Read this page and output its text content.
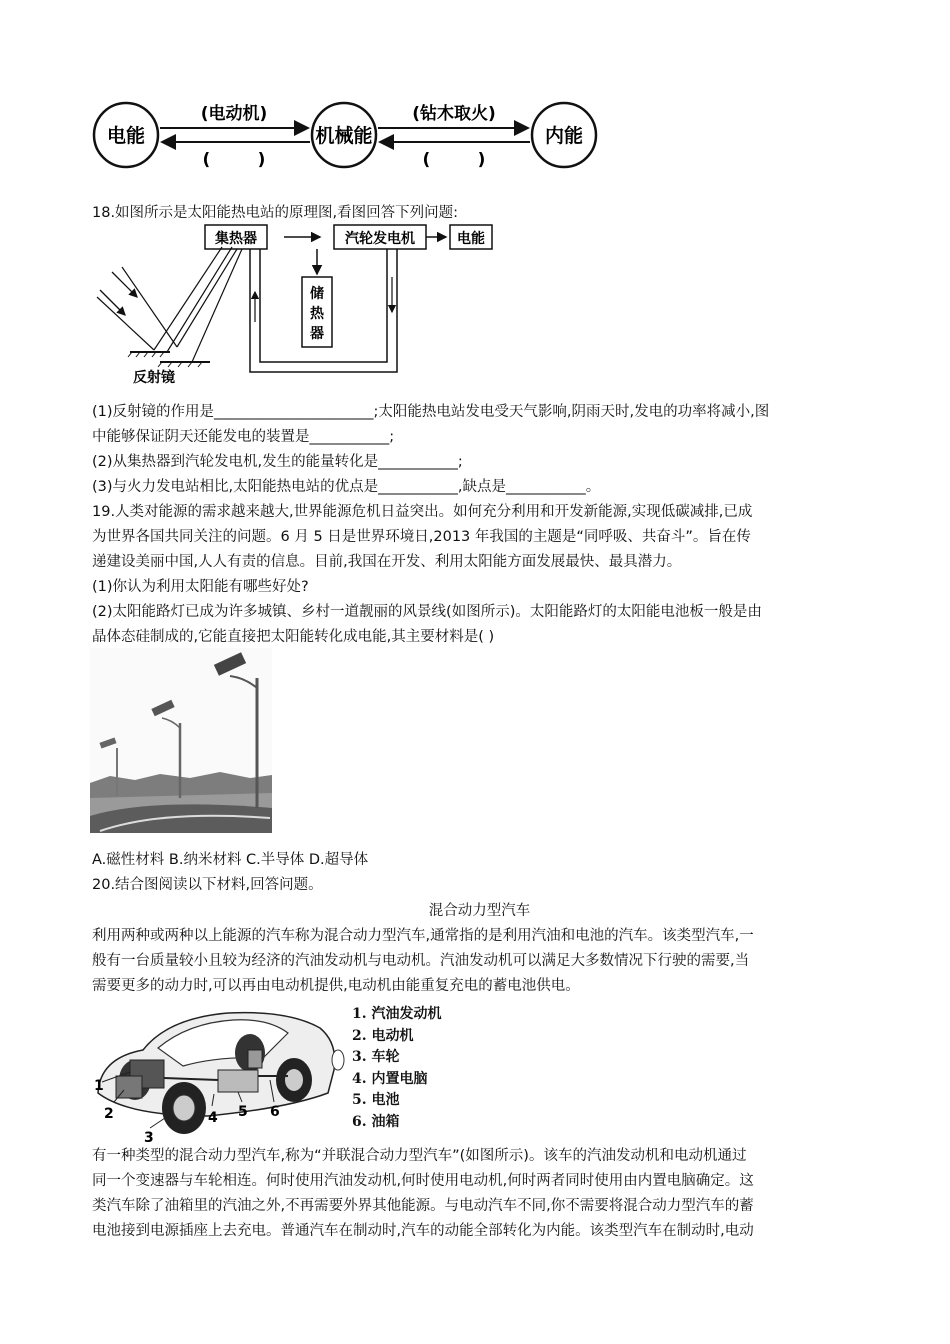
电能	机械能	内能
(电动机)	(钻木取火)
(        )	(        )
18.如图所示是太阳能热电站的原理图,看图回答下列问题:
集热器	汽轮发电机	电能
储
热
器
反射镜
(1)反射镜的作用是______________________;太阳能热电站发电受天气影响,阴雨天时,发电的功率将减小,图
中能够保证阴天还能发电的装置是___________;
(2)从集热器到汽轮发电机,发生的能量转化是___________;
(3)与火力发电站相比,太阳能热电站的优点是___________,缺点是___________。
19.人类对能源的需求越来越大,世界能源危机日益突出。如何充分利用和开发新能源,实现低碳减排,已成
为世界各国共同关注的问题。6 月 5 日是世界环境日,2013 年我国的主题是“同呼吸、共奋斗”。旨在传
递建设美丽中国,人人有责的信息。目前,我国在开发、利用太阳能方面发展最快、最具潜力。
(1)你认为利用太阳能有哪些好处?
(2)太阳能路灯已成为许多城镇、乡村一道靓丽的风景线(如图所示)。太阳能路灯的太阳能电池板一般是由
晶体态硅制成的,它能直接把太阳能转化成电能,其主要材料是( )
A.磁性材料 B.纳米材料 C.半导体 D.超导体
20.结合图阅读以下材料,回答问题。
混合动力型汽车
利用两种或两种以上能源的汽车称为混合动力型汽车,通常指的是利用汽油和电池的汽车。该类型汽车,一
般有一台质量较小且较为经济的汽油发动机与电动机。汽油发动机可以满足大多数情况下行驶的需要,当
需要更多的动力时,可以再由电动机提供,电动机由能重复充电的蓄电池供电。
1
2
3
4 5 6
1. 汽油发动机
2. 电动机
3. 车轮
4. 内置电脑
5. 电池
6. 油箱
有一种类型的混合动力型汽车,称为“并联混合动力型汽车”(如图所示)。该车的汽油发动机和电动机通过
同一个变速器与车轮相连。何时使用汽油发动机,何时使用电动机,何时两者同时使用由内置电脑确定。这
类汽车除了油箱里的汽油之外,不再需要外界其他能源。与电动汽车不同,你不需要将混合动力型汽车的蓄
电池接到电源插座上去充电。普通汽车在制动时,汽车的动能全部转化为内能。该类型汽车在制动时,电动
